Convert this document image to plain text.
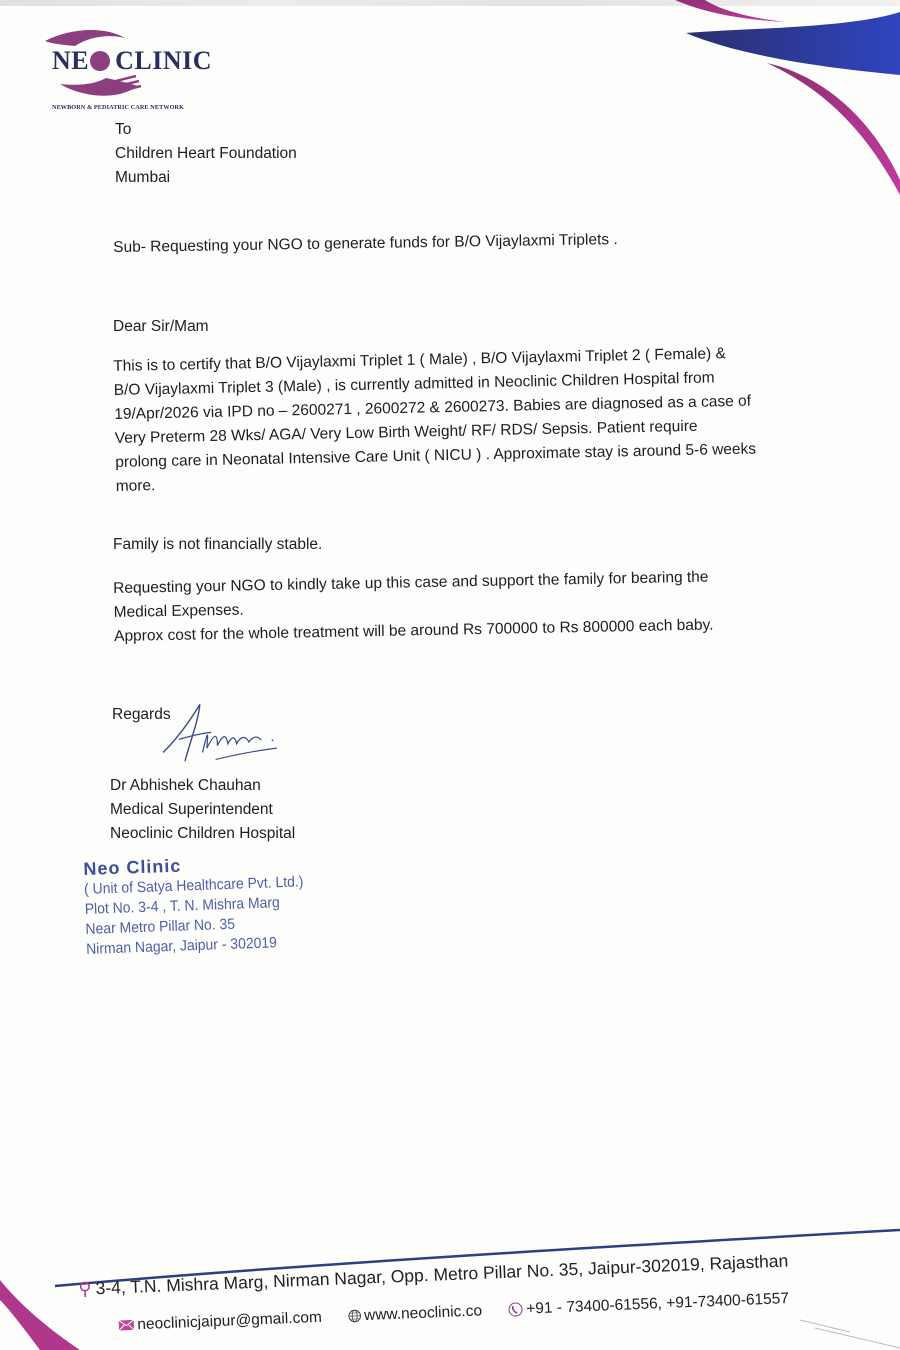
NE CLINIC
NEWBORN & PEDIATRIC CARE NETWORK
To
Children Heart Foundation
Mumbai
Sub- Requesting your NGO to generate funds for B/O Vijaylaxmi Triplets .
Dear Sir/Mam

This is to certify that B/O Vijaylaxmi Triplet 1 ( Male) , B/O Vijaylaxmi Triplet 2 ( Female) &

B/O Vijaylaxmi Triplet 3 (Male) , is currently admitted in Neoclinic Children Hospital from

19/Apr/2026 via IPD no – 2600271 , 2600272 & 2600273. Babies are diagnosed as a case of

Very Preterm 28 Wks/ AGA/ Very Low Birth Weight/ RF/ RDS/ Sepsis. Patient require

prolong care in Neonatal Intensive Care Unit ( NICU ) . Approximate stay is around 5-6 weeks

more.

Family is not financially stable.

Requesting your NGO to kindly take up this case and support the family for bearing the

Medical Expenses.

Approx cost for the whole treatment will be around Rs 700000 to Rs 800000 each baby.

Regards
Dr Abhishek Chauhan
Medical Superintendent
Neoclinic Children Hospital
Neo Clinic
( Unit of Satya Healthcare Pvt. Ltd.)
Plot No. 3-4 , T. N. Mishra Marg
Near Metro Pillar No. 35
Nirman Nagar, Jaipur - 302019
⚲ 3-4, T.N. Mishra Marg, Nirman Nagar, Opp. Metro Pillar No. 35, Jaipur-302019, Rajasthan
neoclinicjaipur@gmail.com	www.neoclinic.co	+91 - 73400-61556, +91-73400-61557
